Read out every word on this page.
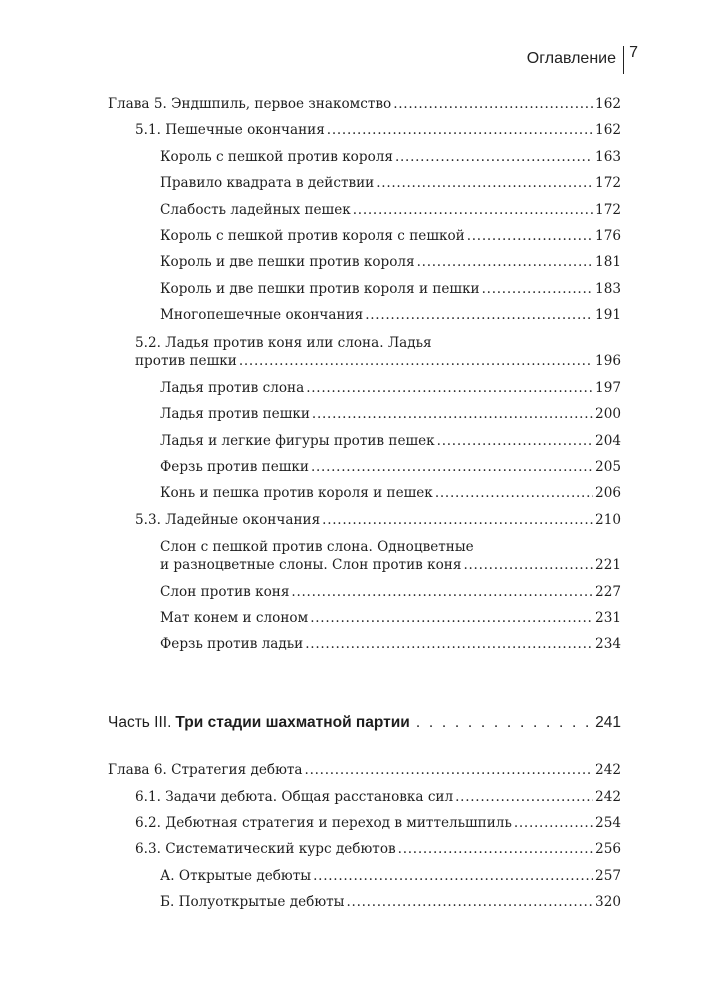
Оглавление 7
Глава 5. Эндшпиль, первое знакомство . . .	162
5.1. Пешечные окончания . . .	162
Король с пешкой против короля . . .	163
Правило квадрата в действии . . .	172
Слабость ладейных пешек . . .	172
Король с пешкой против короля с пешкой . . .	176
Король и две пешки против короля . . .	181
Король и две пешки против короля и пешки . . .	183
Многопешечные окончания . . .	191
5.2. Ладья против коня или слона. Ладья
против пешки . . .	196
Ладья против слона . . .	197
Ладья против пешки . . .	200
Ладья и легкие фигуры против пешек . . .	204
Ферзь против пешки . . .	205
Конь и пешка против короля и пешек . . .	206
5.3. Ладейные окончания . . .	210
Слон с пешкой против слона. Одноцветные
и разноцветные слоны. Слон против коня . . .	221
Слон против коня . . .	227
Мат конем и слоном . . .	231
Ферзь против ладьи . . .	234
Часть III. Три стадии шахматной партии . . .	241
Глава 6. Стратегия дебюта . . .	242
6.1. Задачи дебюта. Общая расстановка сил . . .	242
6.2. Дебютная стратегия и переход в миттельшпиль . . .	254
6.3. Систематический курс дебютов . . .	256
А. Открытые дебюты . . .	257
Б. Полуоткрытые дебюты . . .	320
